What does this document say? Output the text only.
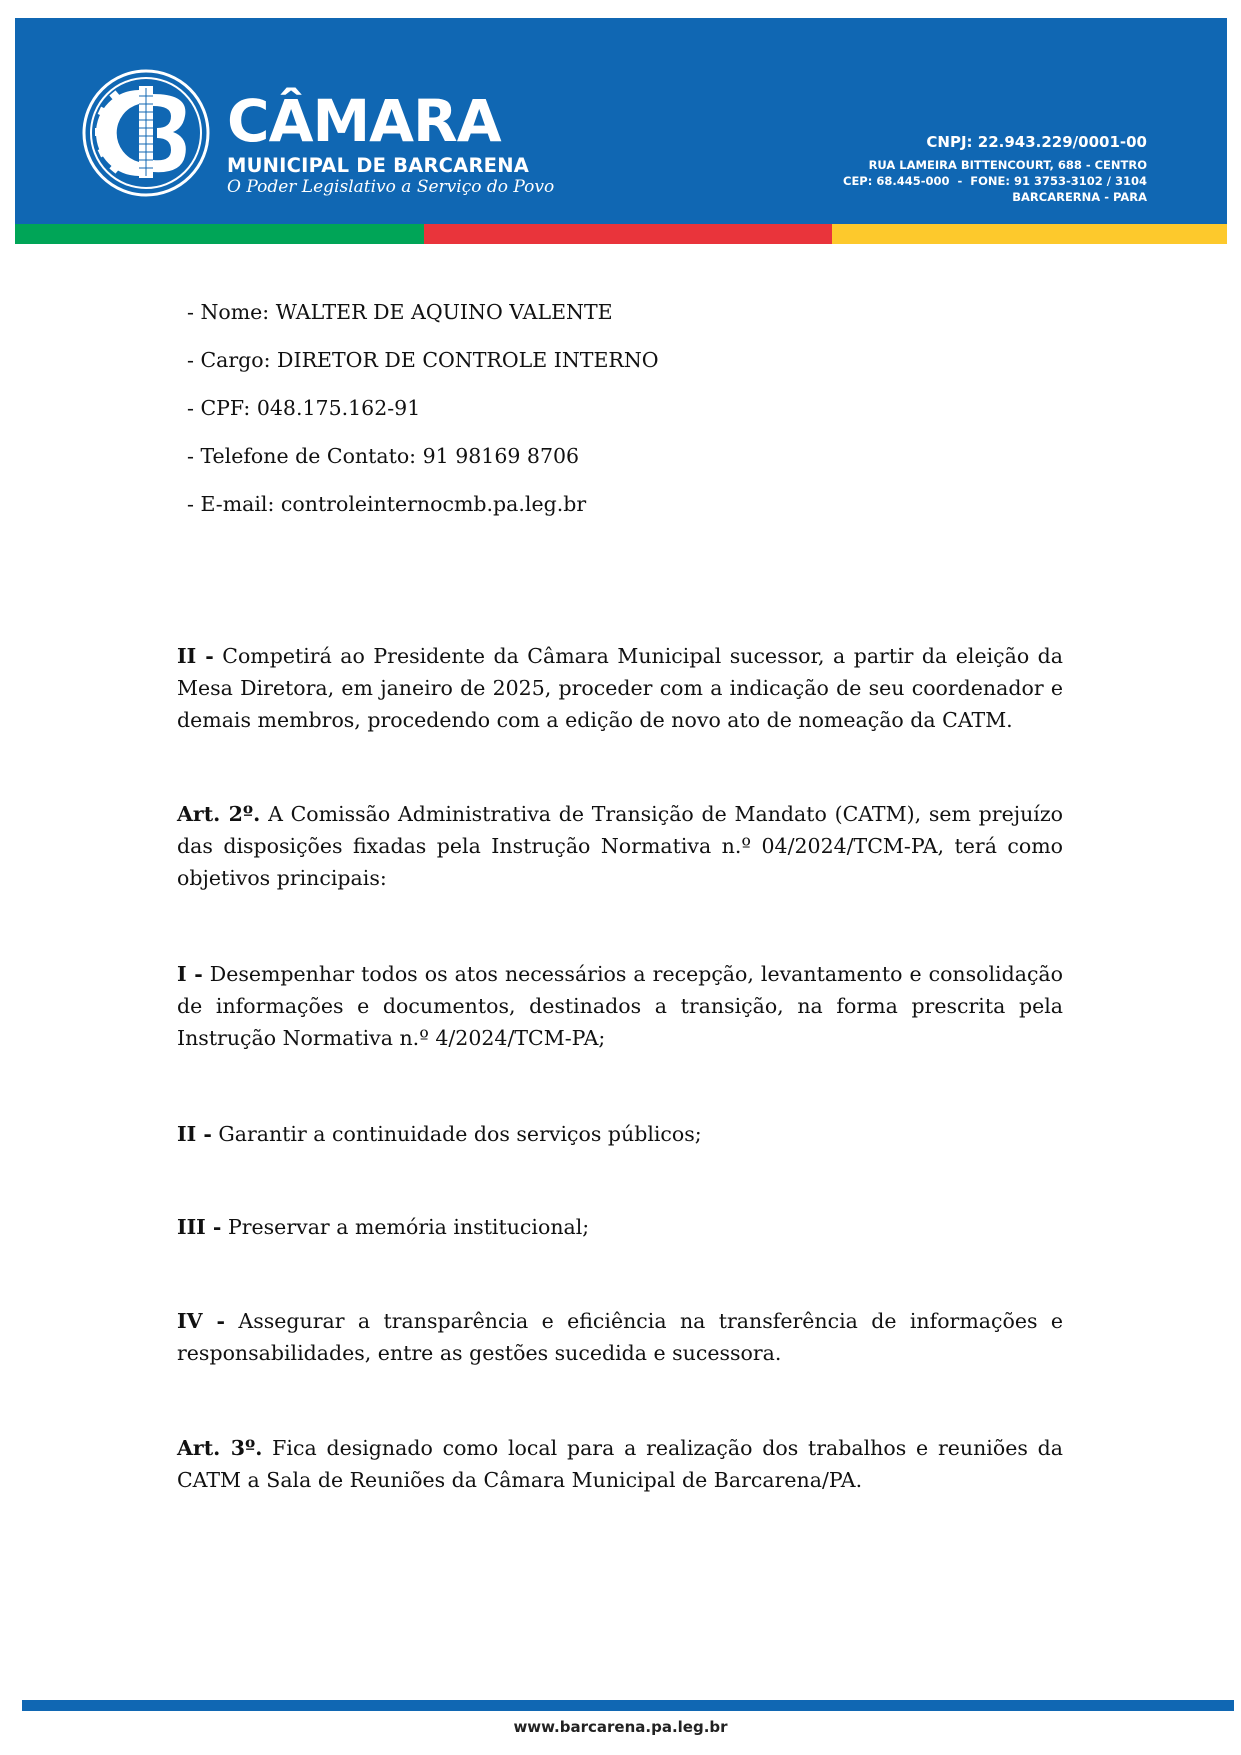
CÂMARA
MUNICIPAL DE BARCARENA
O Poder Legislativo a Serviço do Povo
CNPJ: 22.943.229/0001-00
RUA LAMEIRA BITTENCOURT, 688 - CENTRO
CEP: 68.445-000  -  FONE: 91 3753-3102 / 3104
BARCARERNA - PARA
- Nome: WALTER DE AQUINO VALENTE
- Cargo: DIRETOR DE CONTROLE INTERNO
- CPF: 048.175.162-91
- Telefone de Contato: 91 98169 8706
- E-mail: controleinternocmb.pa.leg.br
II - Competirá ao Presidente da Câmara Municipal sucessor, a partir da eleição da Mesa Diretora, em janeiro de 2025, proceder com a indicação de seu coordenador e demais membros, procedendo com a edição de novo ato de nomeação da CATM.
Art. 2º. A Comissão Administrativa de Transição de Mandato (CATM), sem prejuízo das disposições fixadas pela Instrução Normativa n.º 04/2024/TCM-PA, terá como objetivos principais:
I - Desempenhar todos os atos necessários a recepção, levantamento e consolidação de informações e documentos, destinados a transição, na forma prescrita pela Instrução Normativa n.º 4/2024/TCM-PA;
II - Garantir a continuidade dos serviços públicos;
III - Preservar a memória institucional;
IV - Assegurar a transparência e eficiência na transferência de informações e responsabilidades, entre as gestões sucedida e sucessora.
Art. 3º. Fica designado como local para a realização dos trabalhos e reuniões da CATM a Sala de Reuniões da Câmara Municipal de Barcarena/PA.
www.barcarena.pa.leg.br
